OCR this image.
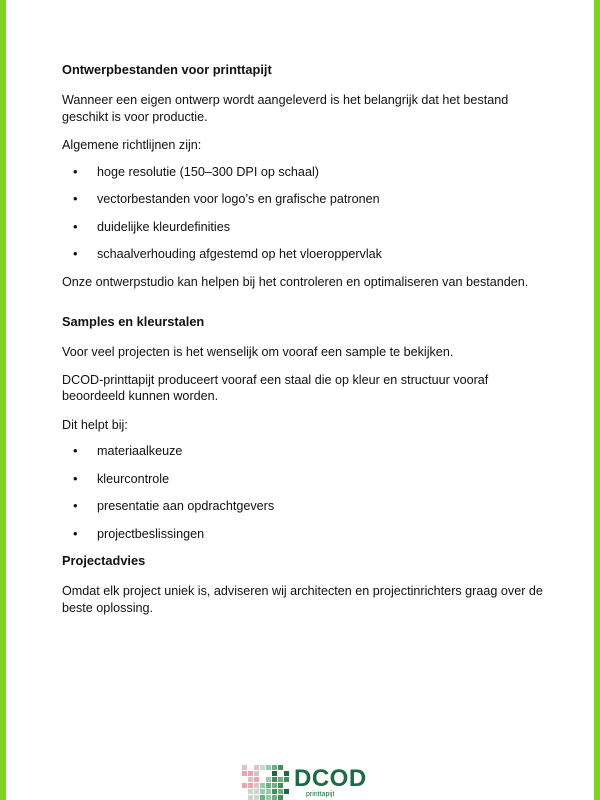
Ontwerpbestanden voor printtapijt

Wanneer een eigen ontwerp wordt aangeleverd is het belangrijk dat het bestand geschikt is voor productie.

Algemene richtlijnen zijn:

• hoge resolutie (150–300 DPI op schaal)
• vectorbestanden voor logo’s en grafische patronen
• duidelijke kleurdefinities
• schaalverhouding afgestemd op het vloeroppervlak

Onze ontwerpstudio kan helpen bij het controleren en optimaliseren van bestanden.

Samples en kleurstalen

Voor veel projecten is het wenselijk om vooraf een sample te bekijken.

DCOD-printtapijt produceert vooraf een staal die op kleur en structuur vooraf beoordeeld kunnen worden.

Dit helpt bij:

• materiaalkeuze
• kleurcontrole
• presentatie aan opdrachtgevers
• projectbeslissingen
Projectadvies

Omdat elk project uniek is, adviseren wij architecten en projectinrichters graag over de beste oplossing.

DCOD
printtapijt
